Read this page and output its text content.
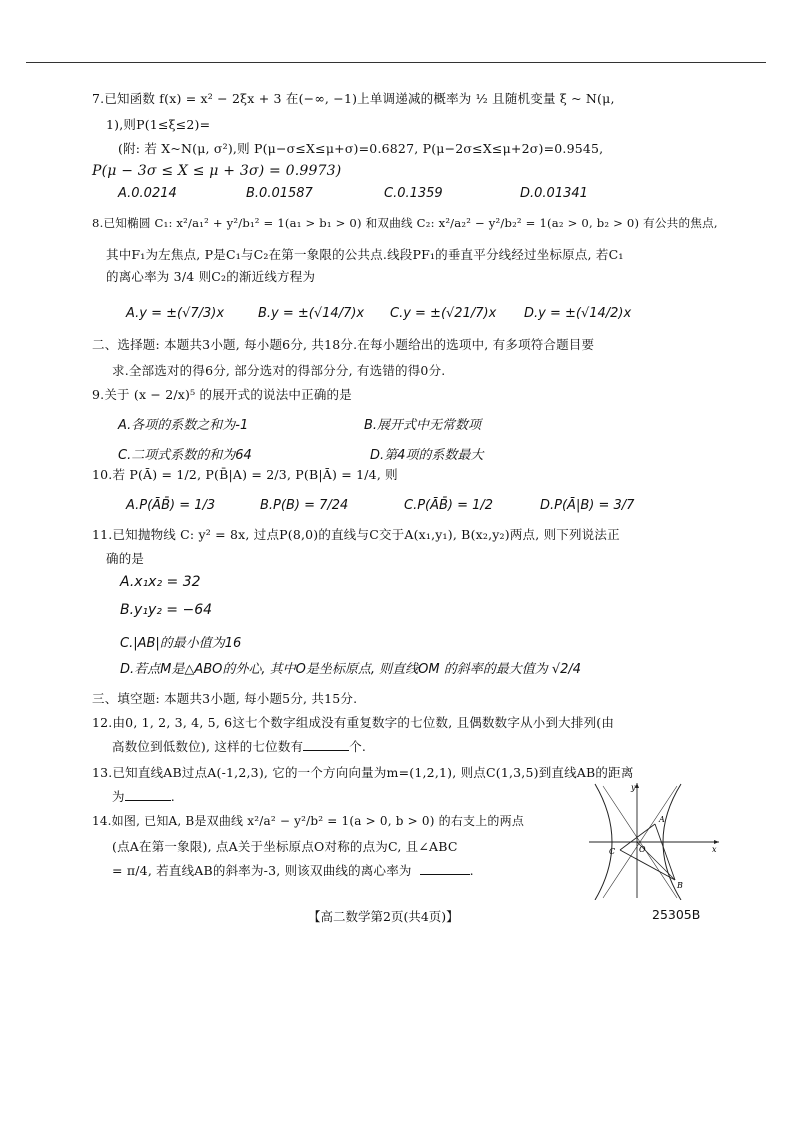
7.已知函数 f(x) = x² − 2ξx + 3 在(−∞, −1)上单调递减的概率为 ½ 且随机变量 ξ ~ N(μ,
1),则P(1≤ξ≤2)=
(附: 若 X~N(μ, σ²),则 P(μ−σ≤X≤μ+σ)=0.6827, P(μ−2σ≤X≤μ+2σ)=0.9545,
P(μ − 3σ ≤ X ≤ μ + 3σ) = 0.9973)
A.0.0214	B.0.01587	C.0.1359	D.0.01341
8.已知椭圆 C₁: x²/a₁² + y²/b₁² = 1(a₁ > b₁ > 0) 和双曲线 C₂: x²/a₂² − y²/b₂² = 1(a₂ > 0, b₂ > 0) 有公共的焦点,
其中F₁为左焦点, P是C₁与C₂在第一象限的公共点.线段PF₁的垂直平分线经过坐标原点, 若C₁
的离心率为 3/4 则C₂的渐近线方程为
A.y = ±(√7/3)x	B.y = ±(√14/7)x C.y = ±(√21/7)x D.y = ±(√14/2)x
二、选择题: 本题共3小题, 每小题6分, 共18分.在每小题给出的选项中, 有多项符合题目要
求.全部选对的得6分, 部分选对的得部分分, 有选错的得0分.
9.关于 (x − 2/x)⁵ 的展开式的说法中正确的是
A.各项的系数之和为-1	B.展开式中无常数项
C.二项式系数的和为64	D.第4项的系数最大
10.若 P(Ā) = 1/2, P(B̄|A) = 2/3, P(B|Ā) = 1/4, 则
A.P(ĀB̄) = 1/3	B.P(B) = 7/24	C.P(ĀB̄) = 1/2	D.P(Ā|B) = 3/7
11.已知抛物线 C: y² = 8x, 过点P(8,0)的直线与C交于A(x₁,y₁), B(x₂,y₂)两点, 则下列说法正
确的是
A.x₁x₂ = 32
B.y₁y₂ = −64
C.|AB|的最小值为16
D.若点M是△ABO的外心, 其中O是坐标原点, 则直线OM 的斜率的最大值为 √2/4
三、填空题: 本题共3小题, 每小题5分, 共15分.
12.由0, 1, 2, 3, 4, 5, 6这七个数字组成没有重复数字的七位数, 且偶数数字从小到大排列(由
高数位到低数位), 这样的七位数有	个.
13.已知直线AB过点A(-1,2,3), 它的一个方向向量为m=(1,2,1), 则点C(1,3,5)到直线AB的距离
为	.
14.如图, 已知A, B是双曲线 x²/a² − y²/b² = 1(a > 0, b > 0) 的右支上的两点
(点A在第一象限), 点A关于坐标原点O对称的点为C, 且∠ABC
= π/4, 若直线AB的斜率为-3, 则该双曲线的离心率为	.
y
x
A
B
C	O
【高二数学第2页(共4页)】	25305B
